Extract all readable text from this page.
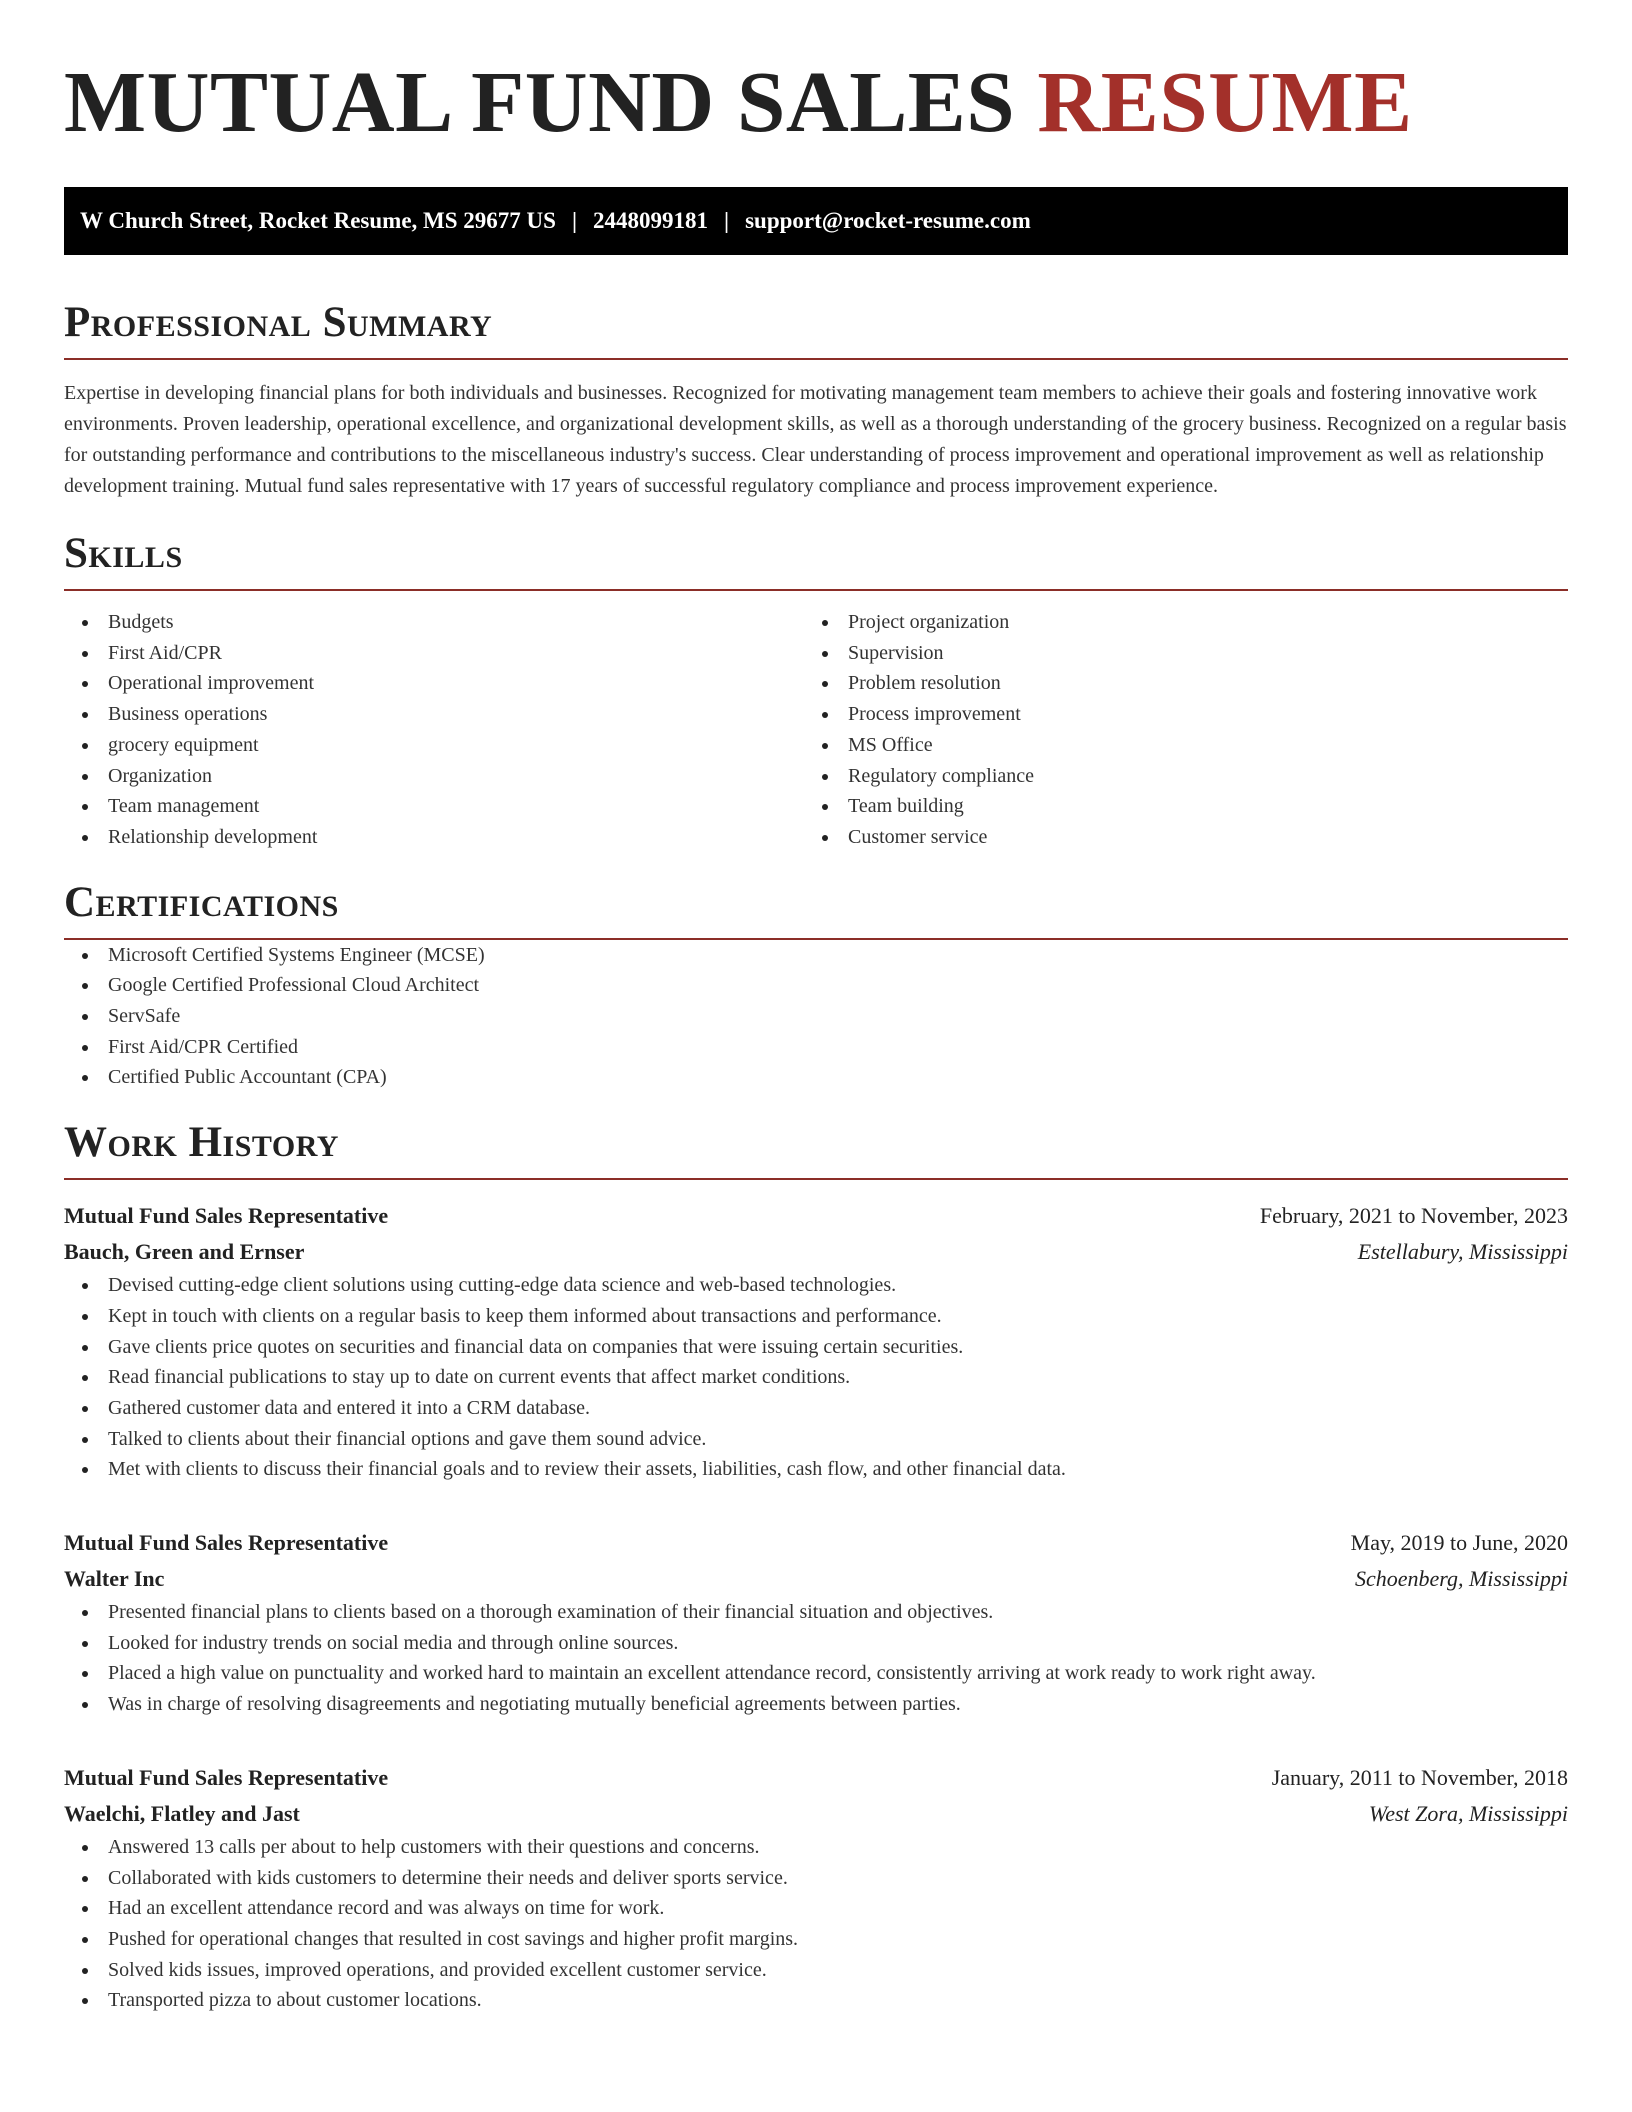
MUTUAL FUND SALES RESUME
W Church Street, Rocket Resume, MS 29677 US | 2448099181 | support@rocket-resume.com
Professional Summary

Expertise in developing financial plans for both individuals and businesses. Recognized for motivating management team members to achieve their goals and fostering innovative work environments. Proven leadership, operational excellence, and organizational development skills, as well as a thorough understanding of the grocery business. Recognized on a regular basis for outstanding performance and contributions to the miscellaneous industry's success. Clear understanding of process improvement and operational improvement as well as relationship development training. Mutual fund sales representative with 17 years of successful regulatory compliance and process improvement experience.

Skills
Budgets
First Aid/CPR
Operational improvement
Business operations
grocery equipment
Organization
Team management
Relationship development
Project organization
Supervision
Problem resolution
Process improvement
MS Office
Regulatory compliance
Team building
Customer service
Certifications
Microsoft Certified Systems Engineer (MCSE)
Google Certified Professional Cloud Architect
ServSafe
First Aid/CPR Certified
Certified Public Accountant (CPA)
Work History
Mutual Fund Sales Representative	February, 2021 to November, 2023
Bauch, Green and Ernser	Estellabury, Mississippi
Devised cutting-edge client solutions using cutting-edge data science and web-based technologies.
Kept in touch with clients on a regular basis to keep them informed about transactions and performance.
Gave clients price quotes on securities and financial data on companies that were issuing certain securities.
Read financial publications to stay up to date on current events that affect market conditions.
Gathered customer data and entered it into a CRM database.
Talked to clients about their financial options and gave them sound advice.
Met with clients to discuss their financial goals and to review their assets, liabilities, cash flow, and other financial data.
Mutual Fund Sales Representative	May, 2019 to June, 2020
Walter Inc	Schoenberg, Mississippi
Presented financial plans to clients based on a thorough examination of their financial situation and objectives.
Looked for industry trends on social media and through online sources.
Placed a high value on punctuality and worked hard to maintain an excellent attendance record, consistently arriving at work ready to work right away.
Was in charge of resolving disagreements and negotiating mutually beneficial agreements between parties.
Mutual Fund Sales Representative	January, 2011 to November, 2018
Waelchi, Flatley and Jast	West Zora, Mississippi
Answered 13 calls per about to help customers with their questions and concerns.
Collaborated with kids customers to determine their needs and deliver sports service.
Had an excellent attendance record and was always on time for work.
Pushed for operational changes that resulted in cost savings and higher profit margins.
Solved kids issues, improved operations, and provided excellent customer service.
Transported pizza to about customer locations.
